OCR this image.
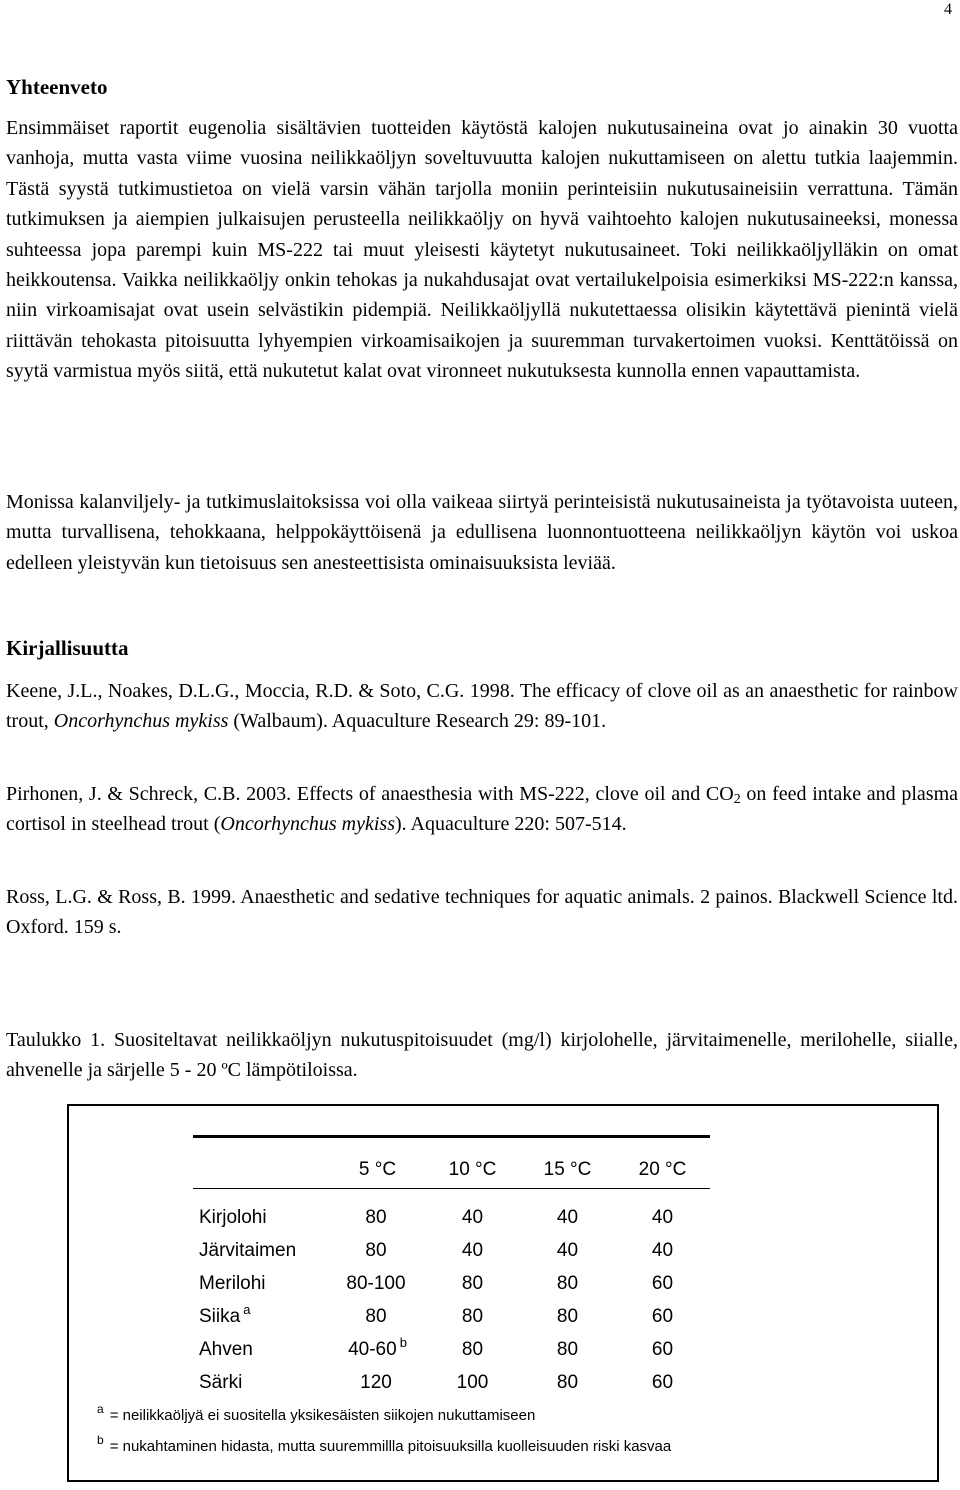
4
Yhteenveto

Ensimmäiset raportit eugenolia sisältävien tuotteiden käytöstä kalojen nukutusaineina ovat jo ainakin 30 vuotta vanhoja, mutta vasta viime vuosina neilikkaöljyn soveltuvuutta kalojen nukuttamiseen on alettu tutkia laajemmin. Tästä syystä tutkimustietoa on vielä varsin vähän tarjolla moniin perinteisiin nukutusaineisiin verrattuna. Tämän tutkimuksen ja aiempien julkaisujen perusteella neilikkaöljy on hyvä vaihtoehto kalojen nukutusaineeksi, monessa suhteessa jopa parempi kuin MS-222 tai muut yleisesti käytetyt nukutusaineet. Toki neilikkaöljylläkin on omat heikkoutensa. Vaikka neilikkaöljy onkin tehokas ja nukahdusajat ovat vertailukelpoisia esimerkiksi MS-222:n kanssa, niin virkoamisajat ovat usein selvästikin pidempiä. Neilikkaöljyllä nukutettaessa olisikin käytettävä pienintä vielä riittävän tehokasta pitoisuutta lyhyempien virkoamisaikojen ja suuremman turvakertoimen vuoksi. Kenttätöissä on syytä varmistua myös siitä, että nukutetut kalat ovat vironneet nukutuksesta kunnolla ennen vapauttamista.

Monissa kalanviljely- ja tutkimuslaitoksissa voi olla vaikeaa siirtyä perinteisistä nukutusaineista ja työtavoista uuteen, mutta turvallisena, tehokkaana, helppokäyttöisenä ja edullisena luonnontuotteena neilikkaöljyn käytön voi uskoa edelleen yleistyvän kun tietoisuus sen anesteettisista ominaisuuksista leviää.

Kirjallisuutta

Keene, J.L., Noakes, D.L.G., Moccia, R.D. & Soto, C.G. 1998. The efficacy of clove oil as an anaesthetic for rainbow trout, Oncorhynchus mykiss (Walbaum). Aquaculture Research 29: 89-101.

Pirhonen, J. & Schreck, C.B. 2003. Effects of anaesthesia with MS-222, clove oil and $CO_2$ on feed intake and plasma cortisol in steelhead trout (Oncorhynchus mykiss). Aquaculture 220: 507-514.

Ross, L.G. & Ross, B. 1999. Anaesthetic and sedative techniques for aquatic animals. 2 painos. Blackwell Science ltd. Oxford. 159 s.

Taulukko 1. Suositeltavat neilikkaöljyn nukutuspitoisuudet (mg/l) kirjolohelle, järvitaimenelle, merilohelle, siialle, ahvenelle ja särjelle 5 - 20 ºC lämpötiloissa.

	5 °C	10 °C	15 °C	20 °C

Kirjolohi	80	40	40	40
Järvitaimen	80	40	40	40
Merilohi	80-100	80	80	60
Siika $^a$	80	80	80	60
Ahven	40-60 $^b$	80	80	60
Särki	120	100	80	60

$^a$ = neilikkaöljyä ei suositella yksikesäisten siikojen nukuttamiseen

$^b$ = nukahtaminen hidasta, mutta suuremmillla pitoisuuksilla kuolleisuuden riski kasvaa
